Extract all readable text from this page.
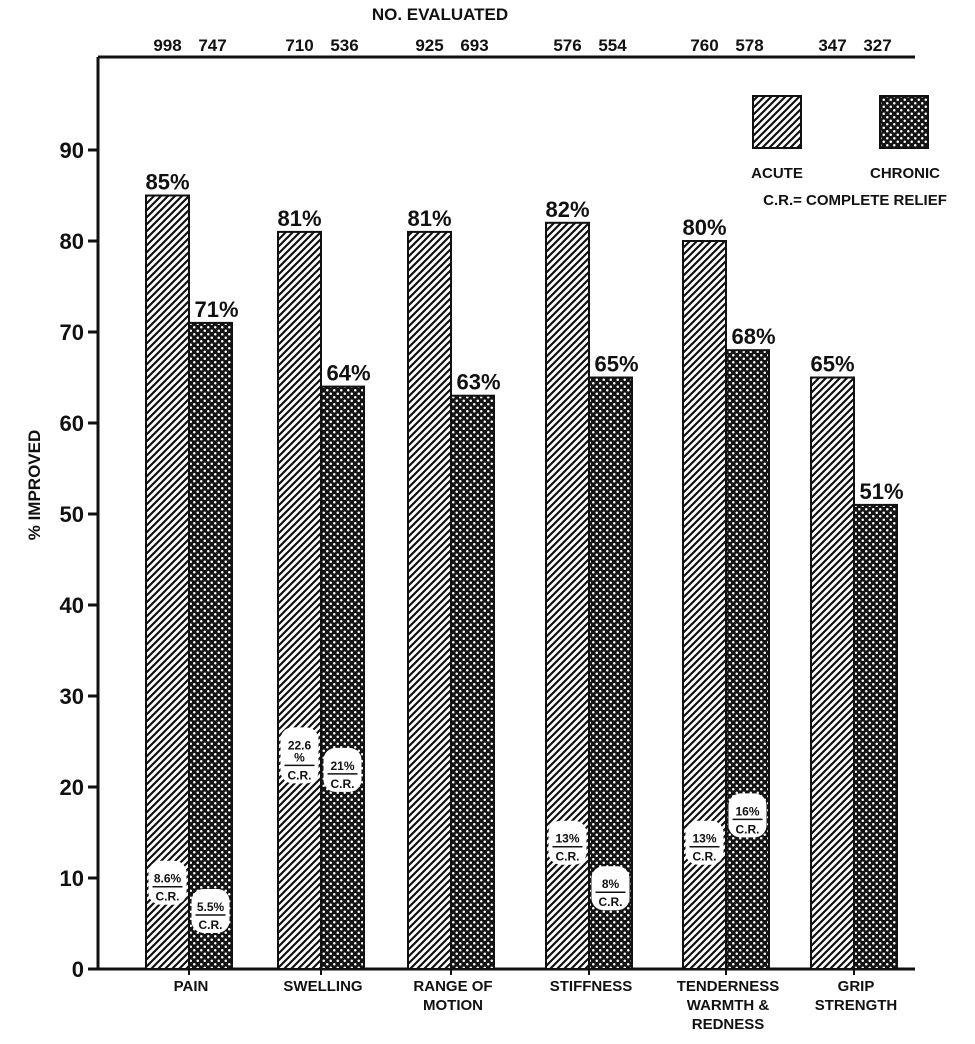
NO. EVALUATED
% IMPROVED
0
10
20
30
40
50
60
70
80
90
998 747
PAIN
710 536
SWELLING
925 693
RANGE OF
MOTION
576 554
STIFFNESS
760 578
TENDERNESS
WARMTH &
REDNESS
347 327
GRIP
STRENGTH
85%
71%
8.6%
C.R.
5.5%
C.R.
81%
64%
22.6
%
C.R.
21%
C.R.
81%
63%
82%
65%
13%
C.R.
8%
C.R.
80%
68%
13%
C.R.
16%
C.R.
65%
51%
ACUTE	CHRONIC
C.R.= COMPLETE RELIEF
